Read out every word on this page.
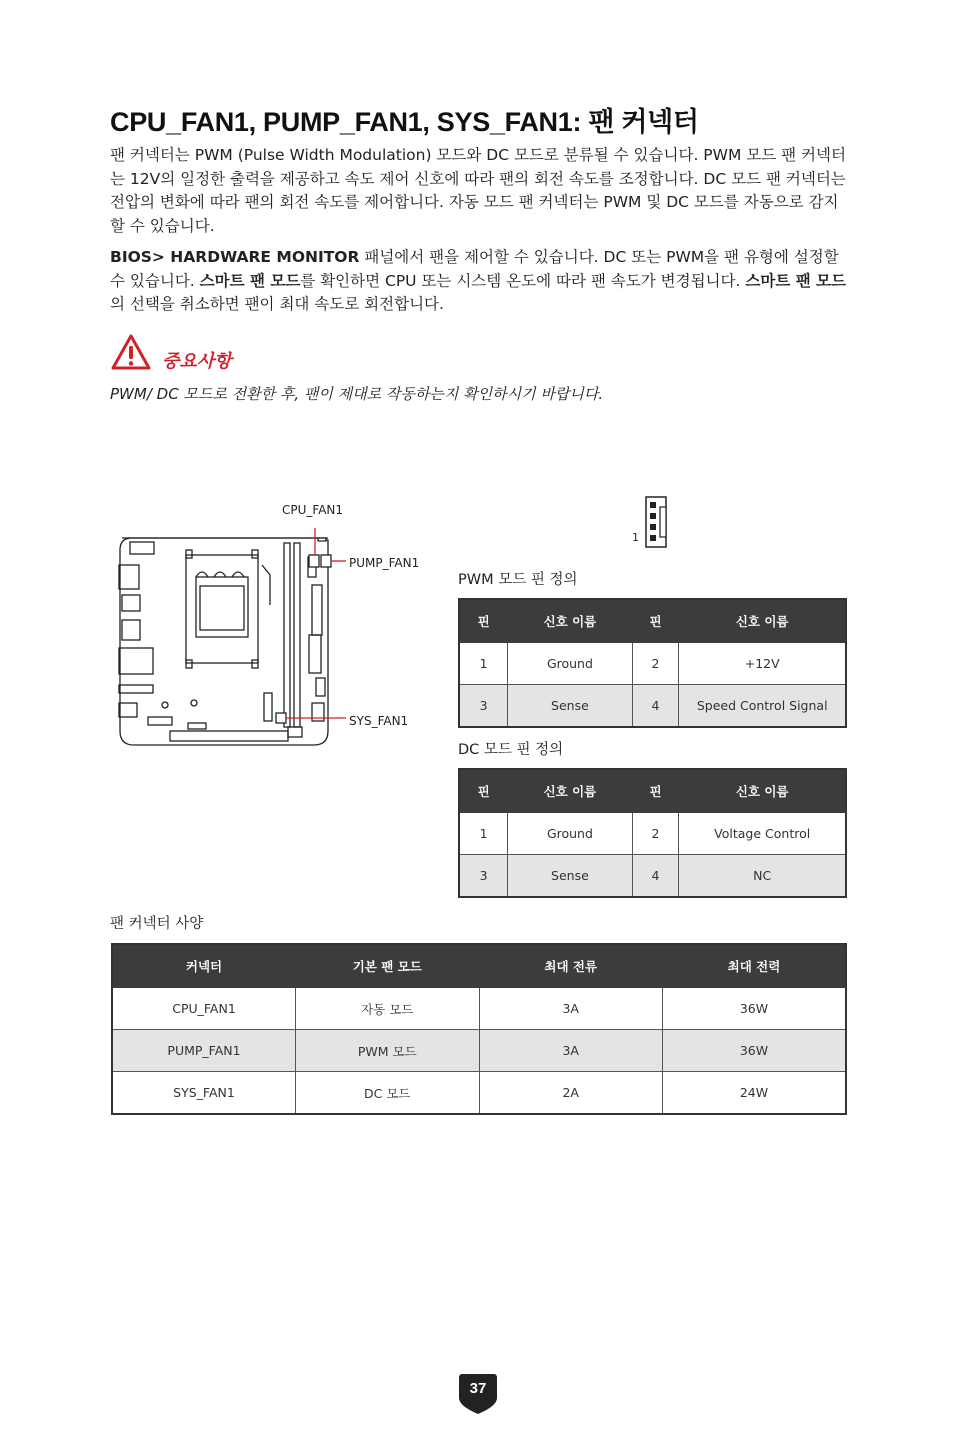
CPU_FAN1, PUMP_FAN1, SYS_FAN1: 팬 커넥터
팬 커넥터는 PWM (Pulse Width Modulation) 모드와 DC 모드로 분류될 수 있습니다. PWM 모드 팬 커넥터는 12V의 일정한 출력을 제공하고 속도 제어 신호에 따라 팬의 회전 속도를 조정합니다. DC 모드 팬 커넥터는 전압의 변화에 따라 팬의 회전 속도를 제어합니다. 자동 모드 팬 커넥터는 PWM 및 DC 모드를 자동으로 감지할 수 있습니다.
BIOS> HARDWARE MONITOR 패널에서 팬을 제어할 수 있습니다. DC 또는 PWM을 팬 유형에 설정할 수 있습니다. 스마트 팬 모드를 확인하면 CPU 또는 시스템 온도에 따라 팬 속도가 변경됩니다. 스마트 팬 모드의 선택을 취소하면 팬이 최대 속도로 회전합니다.
중요사항
PWM/ DC 모드로 전환한 후, 팬이 제대로 작동하는지 확인하시기 바랍니다.
CPU_FAN1
PUMP_FAN1
SYS_FAN1
1
PWM 모드 핀 정의
핀	신호 이름	핀	신호 이름
1	Ground	2	+12V
3	Sense	4	Speed Control Signal
DC 모드 핀 정의
핀	신호 이름	핀	신호 이름
1	Ground	2	Voltage Control
3	Sense	4	NC
팬 커넥터 사양
커넥터	기본 팬 모드	최대 전류	최대 전력
CPU_FAN1	자동 모드	3A	36W
PUMP_FAN1	PWM 모드	3A	36W
SYS_FAN1	DC 모드	2A	24W
37
